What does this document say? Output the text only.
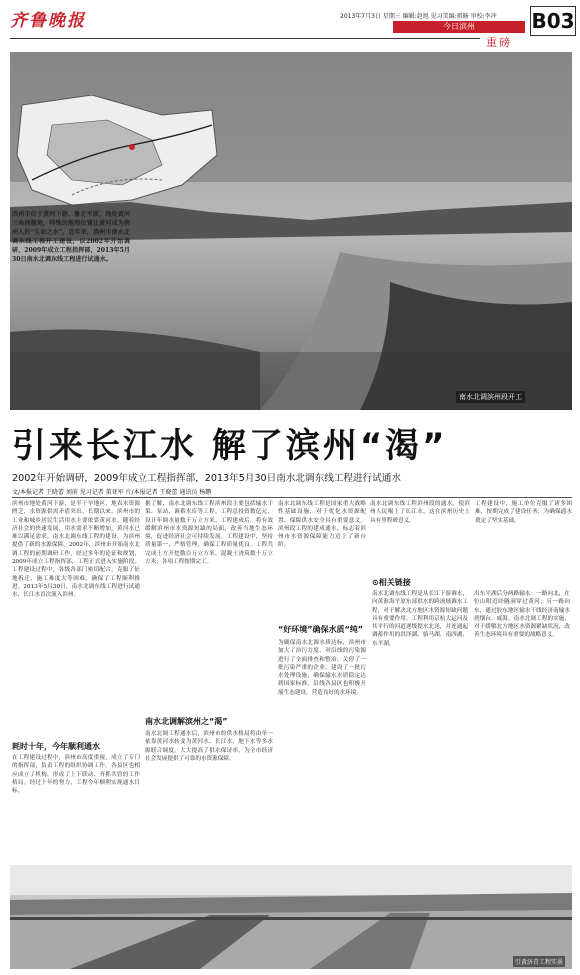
齐鲁晚报	2013年7月3日 星期三 编辑:赵旭 见习美编:祖旸 审校:李冲
今日滨州	B03
重磅
南水北调滨州段开工
滨州市位于黄河下游、鲁北平原，地处黄河三角洲腹地，特殊的地理位置让黄河成为滨州人的“生命之水”。近年来，滨州市南水北调东线工程开工建设，以2002年开始调研，2009年成立工程指挥部，2013年5月30日南水北调东线工程进行试通水。
引来长江水 解了滨州“渴”
2002年开始调研，2009年成立工程指挥部，2013年5月30日南水北调东线工程进行试通水
文/本报记者 王晓蕾 刘前 见习记者 董亚军 片/本报记者 王晓蕾 通讯员 杨鹏
滨州市地处黄河下游，是半干旱地区，地表水资源匮乏，水资源供需矛盾突出。长期以来，滨州市的工业和城乡居民生活用水主要依靠黄河水。随着经济社会的快速发展，用水需求不断增加，黄河水已难以满足需求。南水北调东线工程的建设，为滨州提供了新的水源保障。2002年，滨州市开始南水北调工程的前期调研工作，经过多年的论证和规划，2009年成立工程指挥部，工程正式进入实施阶段。工程建设过程中，各级各部门密切配合，克服了征地拆迁、施工难度大等困难，确保了工程顺利推进。2013年5月30日，南水北调东线工程进行试通水，长江水首次流入滨州。
据了解，南水北调东线工程滨州段主要包括输水干渠、泵站、调蓄水库等工程。工程总投资数亿元，设计年调水量数千万立方米。工程建成后，将有效缓解滨州市水资源短缺的局面，改善当地生态环境，促进经济社会可持续发展。工程建设中，坚持质量第一，严格管理，确保工程质量优良。工程共完成土方开挖数百万立方米，混凝土浇筑数十万立方米，各项工程按期完工。
南水北调东线工程是国家重大战略性基础设施，对于优化水资源配置、保障供水安全具有重要意义。滨州段工程的建成通水，标志着滨州市水资源保障能力迈上了新台阶。
南水北调东线工程滨州段的通水，使滨州人民喝上了长江水，这在滨州历史上具有里程碑意义。
工程建设中，施工单位克服了诸多困难，按期完成了建设任务，为确保通水奠定了坚实基础。
耗时十年，今年顺利通水
在工程建设过程中，滨州市高度重视，成立了专门的指挥部，负责工程的组织协调工作。各县区也相应成立了机构，形成了上下联动、齐抓共管的工作格局。经过十年的努力，工程今年顺利实现通水目标。
南水北调解滨州之“渴”
南水北调工程通水后，滨州市的供水格局将由单一依靠黄河水转变为黄河水、长江水、地下水等多水源联合调度，大大提高了供水保证率，为全市经济社会发展提供了可靠的水资源保障。
“好环境”确保水质“纯”
为确保南水北调水质达标，滨州市加大了治污力度，对沿线的污染源进行了全面排查和整治，关停了一批污染严重的企业，建设了一批污水处理设施，确保输水水质稳定达到国家标准。沿线各县区也积极开展生态建设，营造良好的水环境。
⊙相关链接
南水北调东线工程是从长江下游调水，向黄淮海平原东部供水的跨流域调水工程，对于解决北方地区水资源短缺问题具有重要作用。工程利用京杭大运河及其平行的河道逐级提水北送，并连通起调蓄作用的洪泽湖、骆马湖、南四湖、东平湖。
出东平湖后分两路输水：一路向北，在位山附近经隧洞穿过黄河；另一路向东，通过胶东地区输水干线经济南输水到烟台、威海。南水北调工程的实施，对于缓解北方地区水资源紧缺状况，改善生态环境具有重要的战略意义。
引黄济青工程实景
